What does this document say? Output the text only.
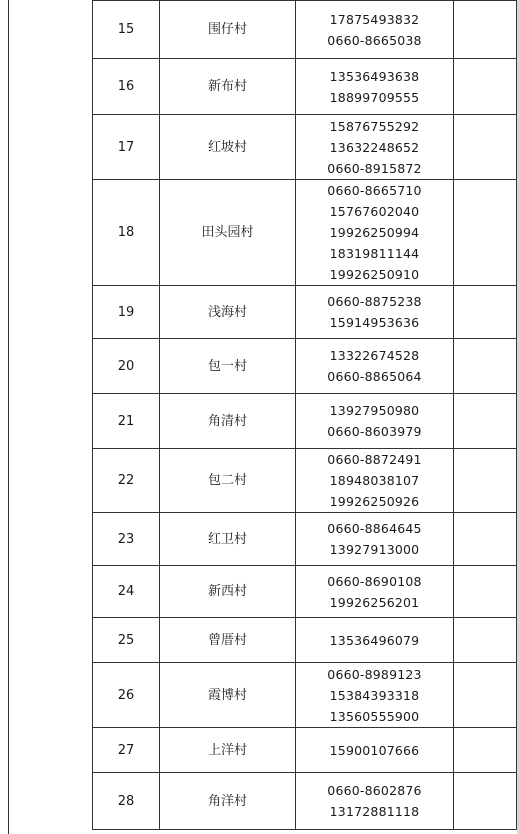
15	围仔村	17875493832
0660-8665038	

16	新布村	13536493638
18899709555	

17	红坡村	15876755292
13632248652
0660-8915872	

18	田头园村	0660-8665710
15767602040
19926250994
18319811144
19926250910	

19	浅海村	0660-8875238
15914953636	

20	包一村	13322674528
0660-8865064	

21	角清村	13927950980
0660-8603979	

22	包二村	0660-8872491
18948038107
19926250926	

23	红卫村	0660-8864645
13927913000	

24	新西村	0660-8690108
19926256201	

25	曾厝村	13536496079	

26	霞博村	0660-8989123
15384393318
13560555900	

27	上洋村	15900107666	

28	角洋村	0660-8602876
13172881118	
